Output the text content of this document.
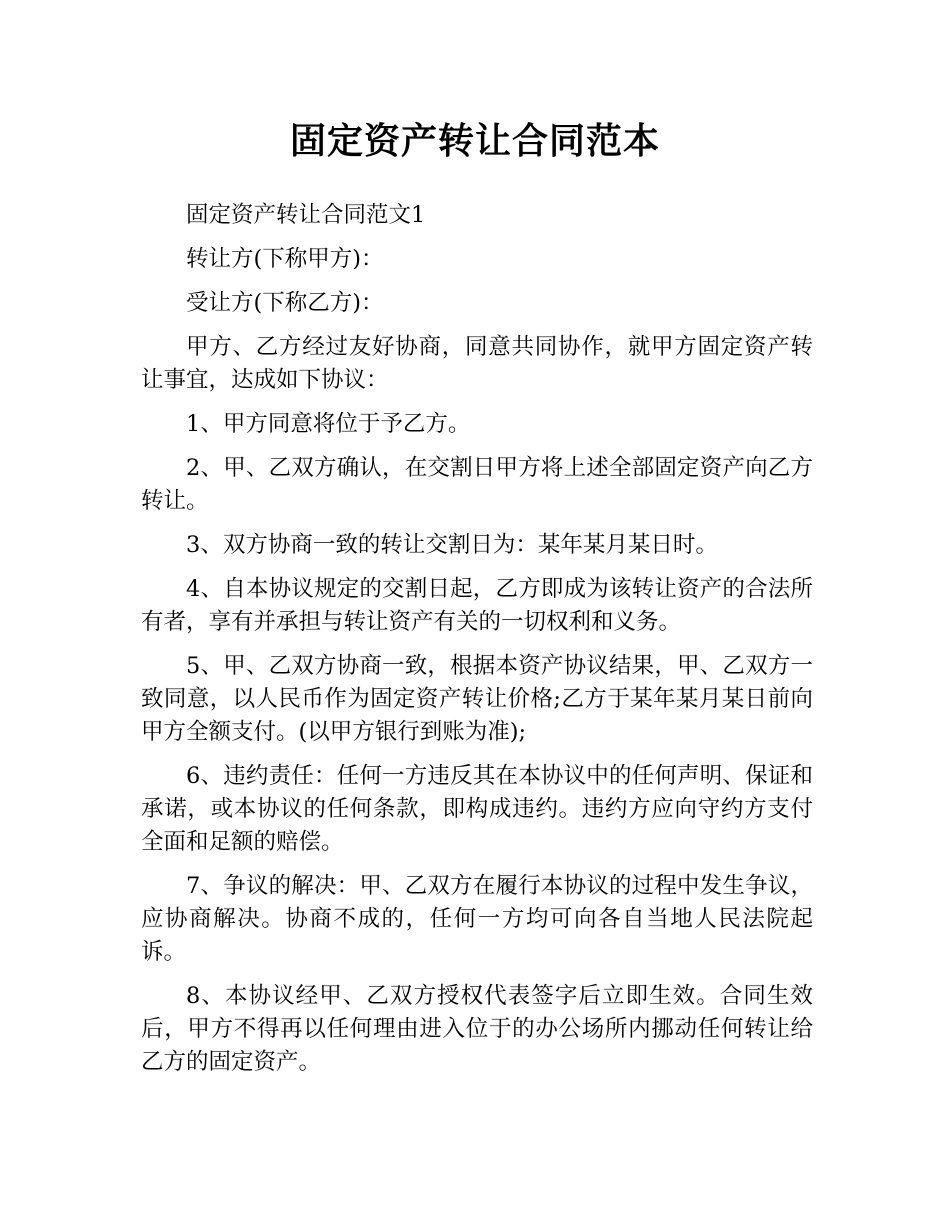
固定资产转让合同范本

固定资产转让合同范文1

转让方(下称甲方)：

受让方(下称乙方)：

甲方、乙方经过友好协商，同意共同协作，就甲方固定资产转让事宜，达成如下协议：

1、甲方同意将位于予乙方。

2、甲、乙双方确认，在交割日甲方将上述全部固定资产向乙方转让。

3、双方协商一致的转让交割日为：某年某月某日时。

4、自本协议规定的交割日起，乙方即成为该转让资产的合法所有者，享有并承担与转让资产有关的一切权利和义务。

5、甲、乙双方协商一致，根据本资产协议结果，甲、乙双方一致同意，以人民币作为固定资产转让价格;乙方于某年某月某日前向甲方全额支付。(以甲方银行到账为准);

6、违约责任：任何一方违反其在本协议中的任何声明、保证和承诺，或本协议的任何条款，即构成违约。违约方应向守约方支付全面和足额的赔偿。

7、争议的解决：甲、乙双方在履行本协议的过程中发生争议，应协商解决。协商不成的，任何一方均可向各自当地人民法院起诉。

8、本协议经甲、乙双方授权代表签字后立即生效。合同生效后，甲方不得再以任何理由进入位于的办公场所内挪动任何转让给乙方的固定资产。
